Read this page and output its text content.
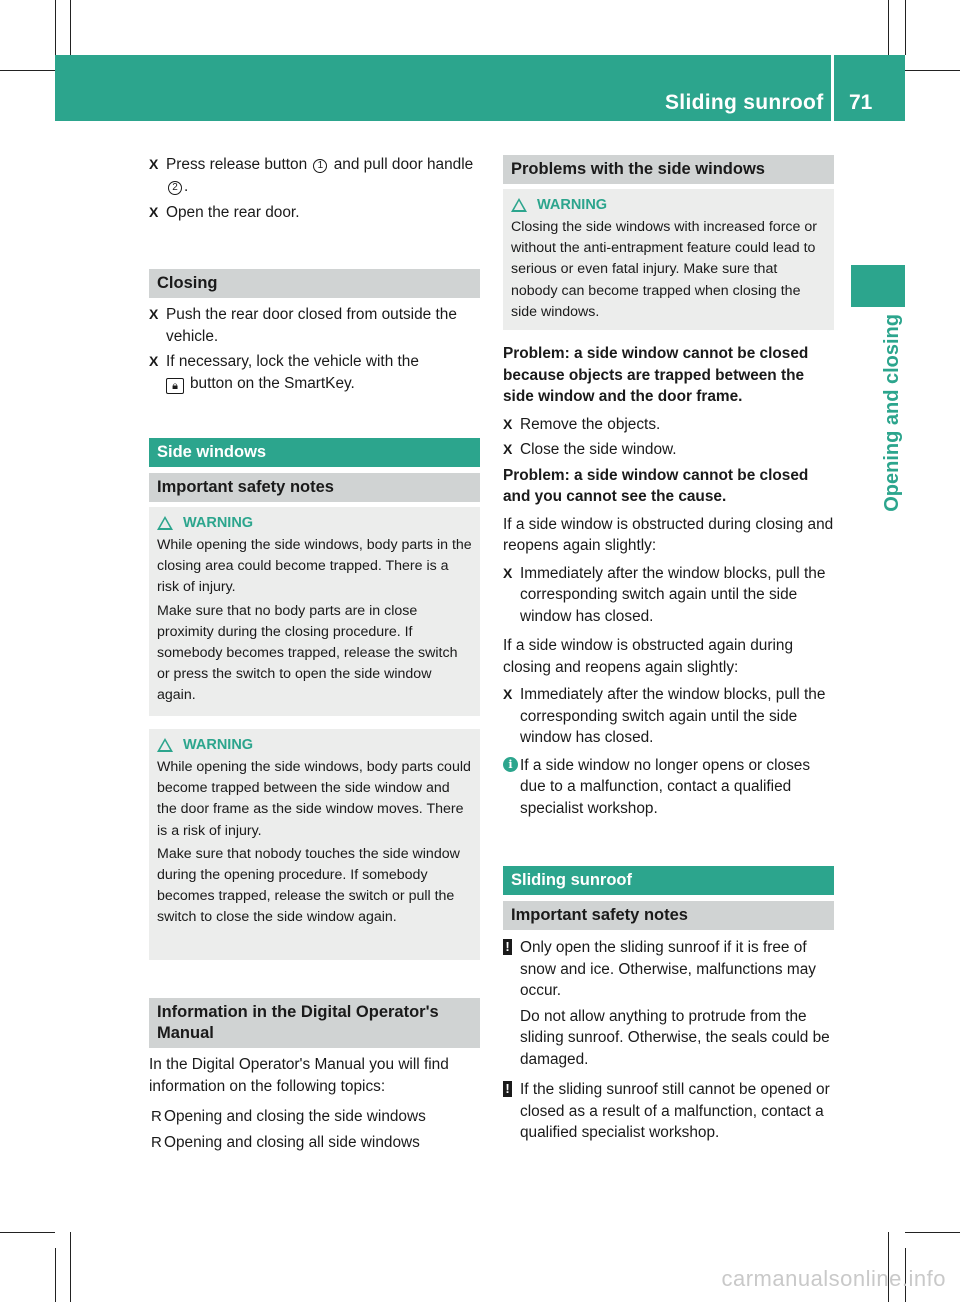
Sliding sunroof 71
Opening and closing
X Press release button 1 and pull door handle 2 .
X Open the rear door.
Closing
X Push the rear door closed from outside the vehicle.
X If necessary, lock the vehicle with the
🔒︎ button on the SmartKey.
Side windows
Important safety notes
WARNING

While opening the side windows, body parts in the closing area could become trapped. There is a risk of injury.

Make sure that no body parts are in close proximity during the closing procedure. If somebody becomes trapped, release the switch or press the switch to open the side window again.

WARNING

While opening the side windows, body parts could become trapped between the side window and the door frame as the side window moves. There is a risk of injury.

Make sure that nobody touches the side window during the opening procedure. If somebody becomes trapped, release the switch or pull the switch to close the side window again.

Information in the Digital Operator's Manual

In the Digital Operator's Manual you will find information on the following topics:

R Opening and closing the side windows
R Opening and closing all side windows
Problems with the side windows
WARNING

Closing the side windows with increased force or without the anti-entrapment feature could lead to serious or even fatal injury. Make sure that nobody can become trapped when closing the side windows.

Problem: a side window cannot be closed because objects are trapped between the side window and the door frame.

X Remove the objects.
X Close the side window.

Problem: a side window cannot be closed and you cannot see the cause.

If a side window is obstructed during closing and reopens again slightly:

X Immediately after the window blocks, pull the corresponding switch again until the side window has closed.

If a side window is obstructed again during closing and reopens again slightly:

X Immediately after the window blocks, pull the corresponding switch again until the side window has closed.
i If a side window no longer opens or closes due to a malfunction, contact a qualified specialist workshop.
Sliding sunroof
Important safety notes
! Only open the sliding sunroof if it is free of snow and ice. Otherwise, malfunctions may occur.

Do not allow anything to protrude from the sliding sunroof. Otherwise, the seals could be damaged.

! If the sliding sunroof still cannot be opened or closed as a result of a malfunction, contact a qualified specialist workshop.
carmanualsonline.info
